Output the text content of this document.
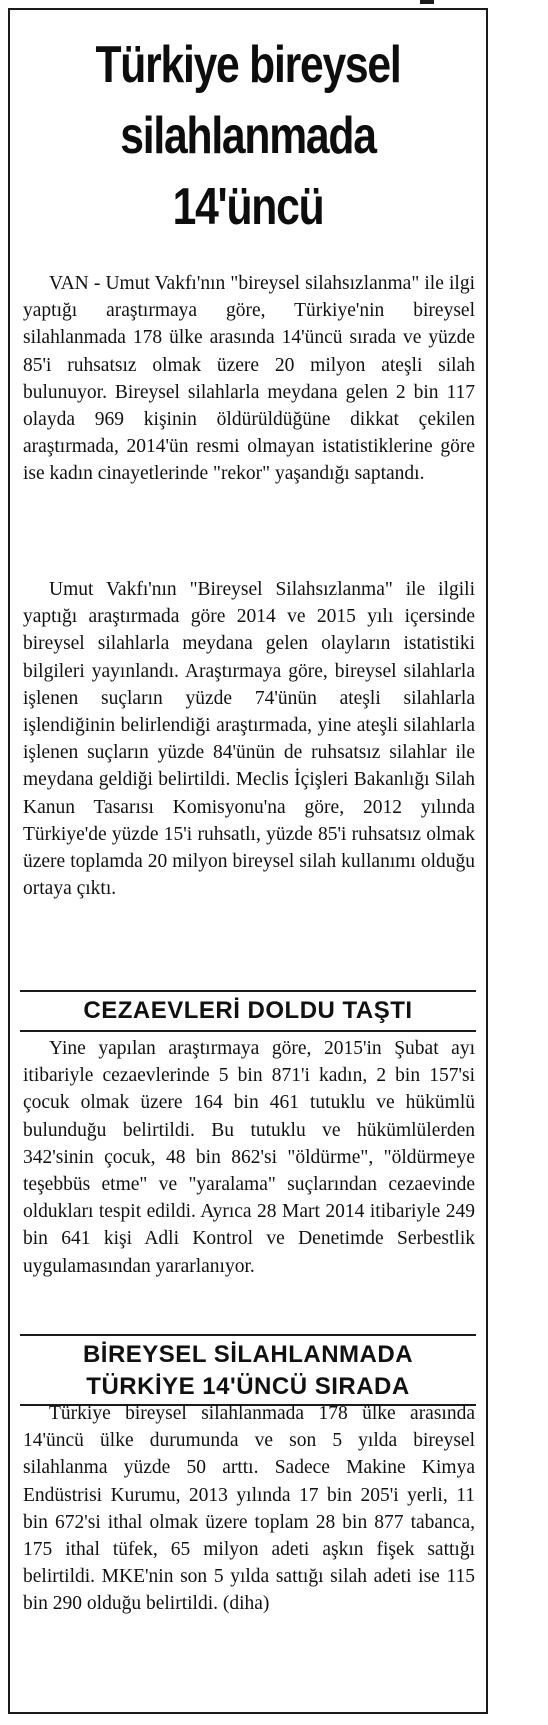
Türkiye bireysel
silahlanmada
14'üncü

VAN - Umut Vakfı'nın "bireysel silahsızlanma" ile ilgi yaptığı araştırmaya göre, Türkiye'nin bireysel silahlanmada 178 ülke arasında 14'üncü sırada ve yüzde 85'i ruhsatsız olmak üzere 20 milyon ateşli silah bulunuyor. Bireysel silahlarla meydana gelen 2 bin 117 olayda 969 kişinin öldürüldüğüne dikkat çekilen araştırmada, 2014'ün resmi olmayan istatistiklerine göre ise kadın cinayetlerinde "rekor" yaşandığı saptandı.

Umut Vakfı'nın "Bireysel Silahsızlanma" ile ilgili yaptığı araştırmada göre 2014 ve 2015 yılı içersinde bireysel silahlarla meydana gelen olayların istatistiki bilgileri yayınlandı. Araştırmaya göre, bireysel silahlarla işlenen suçların yüzde 74'ünün ateşli silahlarla işlendiğinin belirlendiği araştırmada, yine ateşli silahlarla işlenen suçların yüzde 84'ünün de ruhsatsız silahlar ile meydana geldiği belirtildi. Meclis İçişleri Bakanlığı Silah Kanun Tasarısı Komisyonu'na göre, 2012 yılında Türkiye'de yüzde 15'i ruhsatlı, yüzde 85'i ruhsatsız olmak üzere toplamda 20 milyon bireysel silah kullanımı olduğu ortaya çıktı.

CEZAEVLERİ DOLDU TAŞTI

Yine yapılan araştırmaya göre, 2015'in Şubat ayı itibariyle cezaevlerinde 5 bin 871'i kadın, 2 bin 157'si çocuk olmak üzere 164 bin 461 tutuklu ve hükümlü bulunduğu belirtildi. Bu tutuklu ve hükümlülerden 342'sinin çocuk, 48 bin 862'si "öldürme", "öldürmeye teşebbüs etme" ve "yaralama" suçlarından cezaevinde oldukları tespit edildi. Ayrıca 28 Mart 2014 itibariyle 249 bin 641 kişi Adli Kontrol ve Denetimde Serbestlik uygulamasından yararlanıyor.

BİREYSEL SİLAHLANMADA
TÜRKİYE 14'ÜNCÜ SIRADA

Türkiye bireysel silahlanmada 178 ülke arasında 14'üncü ülke durumunda ve son 5 yılda bireysel silahlanma yüzde 50 arttı. Sadece Makine Kimya Endüstrisi Kurumu, 2013 yılında 17 bin 205'i yerli, 11 bin 672'si ithal olmak üzere toplam 28 bin 877 tabanca, 175 ithal tüfek, 65 milyon adeti aşkın fişek sattığı belirtildi. MKE'nin son 5 yılda sattığı silah adeti ise 115 bin 290 olduğu belirtildi. (diha)
